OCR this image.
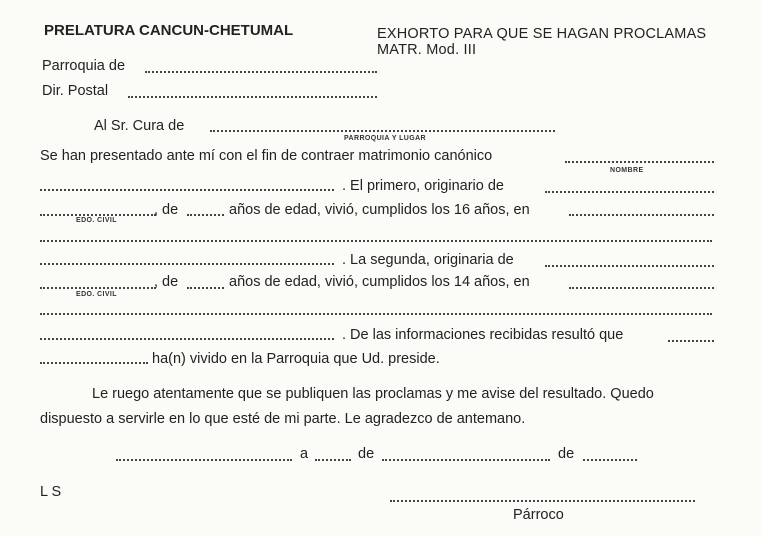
PRELATURA CANCUN-CHETUMAL	EXHORTO PARA QUE SE HAGAN PROCLAMAS
MATR. Mod. III
Parroquia de
Dir. Postal
Al Sr. Cura de
PARROQUIA Y LUGAR
Se han presentado ante mí con el fin de contraer matrimonio canónico
NOMBRE
. El primero, originario de
, de	años de edad, vivió, cumplidos los 16 años, en
EDO. CIVIL
. La segunda, originaria de
, de	años de edad, vivió, cumplidos los 14 años, en
EDO. CIVIL
. De las informaciones recibidas resultó que
ha(n) vivido en la Parroquia que Ud. preside.
Le ruego atentamente que se publiquen las proclamas y me avise del resultado. Quedo
dispuesto a servirle en lo que esté de mi parte. Le agradezco de antemano.
a	de	de
L S
Párroco
